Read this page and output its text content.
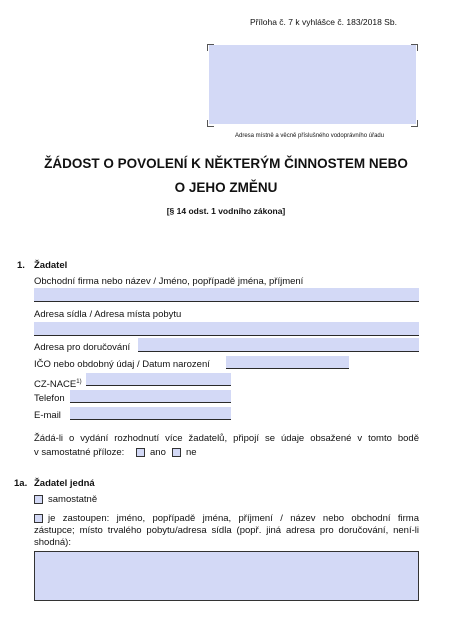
Příloha č. 7 k vyhlášce č. 183/2018 Sb.
Adresa místně a věcně příslušného vodoprávního úřadu
ŽÁDOST O POVOLENÍ K NĚKTERÝM ČINNOSTEM NEBO
O JEHO ZMĚNU
[§ 14 odst. 1 vodního zákona]
1. Žadatel
Obchodní firma nebo název / Jméno, popřípadě jména, příjmení
Adresa sídla / Adresa místa pobytu
Adresa pro doručování
IČO nebo obdobný údaj / Datum narození
CZ-NACE$^{1)}$
Telefon
E-mail
Žádá-li o vydání rozhodnutí více žadatelů, připojí se údaje obsažené v tomto bodě
v samostatné příloze:	ano ne
1a. Žadatel jedná
samostatně
je zastoupen: jméno, popřípadě jména, příjmení / název nebo obchodní firma
zástupce; místo trvalého pobytu/adresa sídla (popř. jiná adresa pro doručování, není-li
shodná):
